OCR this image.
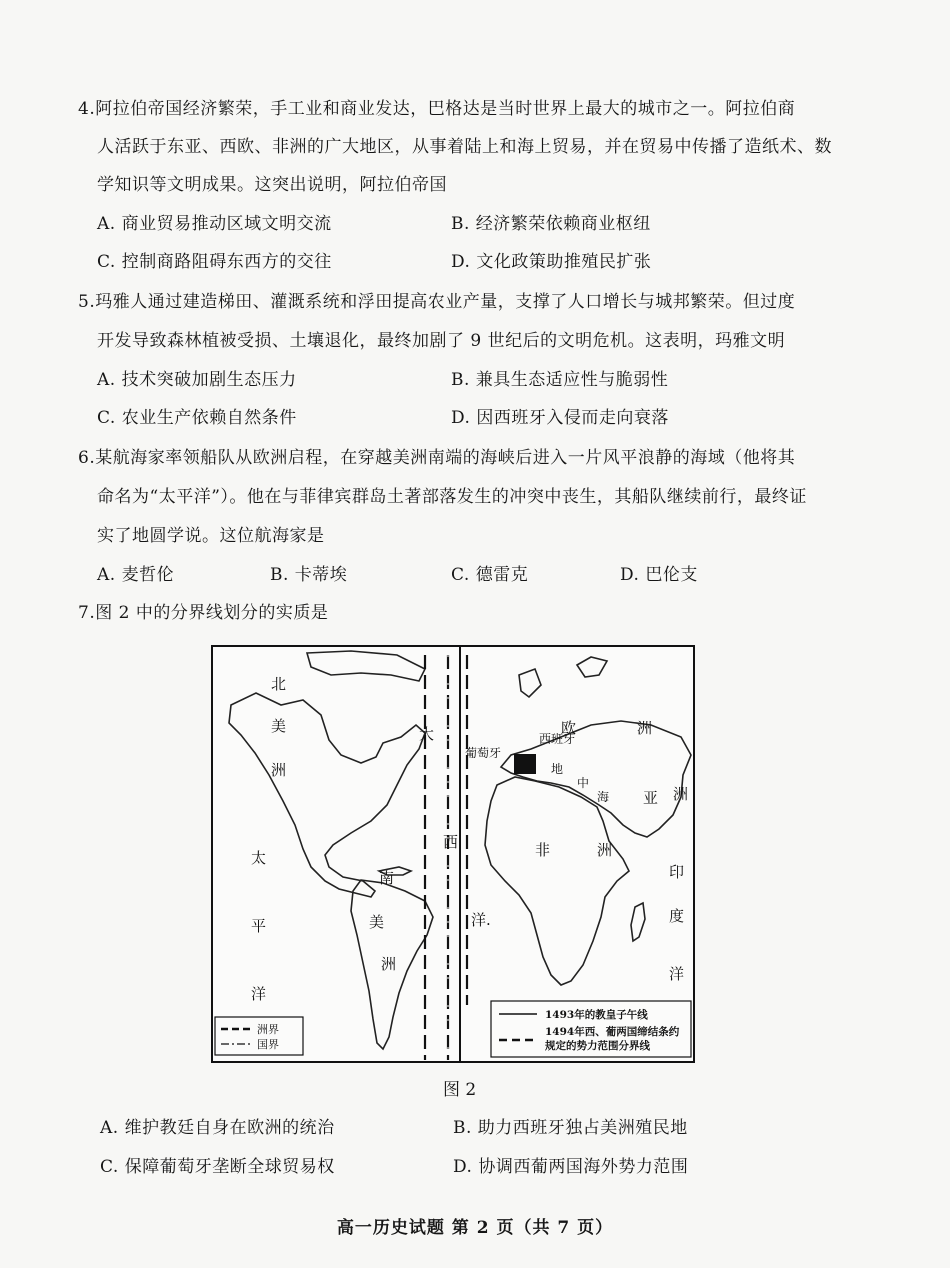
4.阿拉伯帝国经济繁荣，手工业和商业发达，巴格达是当时世界上最大的城市之一。阿拉伯商
人活跃于东亚、西欧、非洲的广大地区，从事着陆上和海上贸易，并在贸易中传播了造纸术、数
学知识等文明成果。这突出说明，阿拉伯帝国
A. 商业贸易推动区域文明交流	B. 经济繁荣依赖商业枢纽
C. 控制商路阻碍东西方的交往	D. 文化政策助推殖民扩张
5.玛雅人通过建造梯田、灌溉系统和浮田提高农业产量，支撑了人口增长与城邦繁荣。但过度
开发导致森林植被受损、土壤退化，最终加剧了 9 世纪后的文明危机。这表明，玛雅文明
A. 技术突破加剧生态压力	B. 兼具生态适应性与脆弱性
C. 农业生产依赖自然条件	D. 因西班牙入侵而走向衰落
6.某航海家率领船队从欧洲启程，在穿越美洲南端的海峡后进入一片风平浪静的海域（他将其
命名为“太平洋”）。他在与菲律宾群岛土著部落发生的冲突中丧生，其船队继续前行，最终证
实了地圆学说。这位航海家是
A. 麦哲伦	B. 卡蒂埃	C. 德雷克	D. 巴伦支
7.图 2 中的分界线划分的实质是
北
美
洲
太
平
洋
南
美
洲
大
西
洋.
洲界
国界
欧	洲
葡萄牙
西班牙
地
中
海 亚 洲
非	洲
印
度
洋
1493年的教皇子午线
1494年西、葡两国缔结条约
规定的势力范围分界线
图 2
A. 维护教廷自身在欧洲的统治	B. 助力西班牙独占美洲殖民地
C. 保障葡萄牙垄断全球贸易权	D. 协调西葡两国海外势力范围
高一历史试题 第 2 页（共 7 页）
